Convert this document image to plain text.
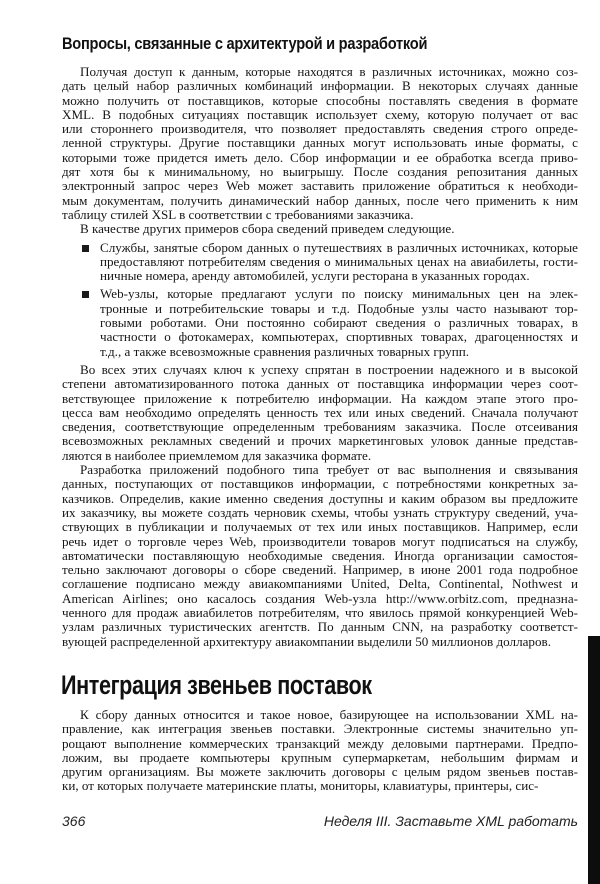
Вопросы, связанные с архитектурой и разработкой
Получая доступ к данным, которые находятся в различных источниках, можно соз-
дать целый набор различных комбинаций информации. В некоторых случаях данные
можно получить от поставщиков, которые способны поставлять сведения в формате
XML. В подобных ситуациях поставщик использует схему, которую получает от вас
или стороннего производителя, что позволяет предоставлять сведения строго опреде-
ленной структуры. Другие поставщики данных могут использовать иные форматы, с
которыми тоже придется иметь дело. Сбор информации и ее обработка всегда приво-
дят хотя бы к минимальному, но выигрышу. После создания репозитания данных
электронный запрос через Web может заставить приложение обратиться к необходи-
мым документам, получить динамический набор данных, после чего применить к ним
таблицу стилей XSL в соответствии с требованиями заказчика.
В качестве других примеров сбора сведений приведем следующие.
Службы, занятые сбором данных о путешествиях в различных источниках, которые
предоставляют потребителям сведения о минимальных ценах на авиабилеты, гости-
ничные номера, аренду автомобилей, услуги ресторана в указанных городах.
Web-узлы, которые предлагают услуги по поиску минимальных цен на элек-
тронные и потребительские товары и т.д. Подобные узлы часто называют тор-
говыми роботами. Они постоянно собирают сведения о различных товарах, в
частности о фотокамерах, компьютерах, спортивных товарах, драгоценностях и
т.д., а также всевозможные сравнения различных товарных групп.
Во всех этих случаях ключ к успеху спрятан в построении надежного и в высокой
степени автоматизированного потока данных от поставщика информации через соот-
ветствующее приложение к потребителю информации. На каждом этапе этого про-
цесса вам необходимо определять ценность тех или иных сведений. Сначала получают
сведения, соответствующие определенным требованиям заказчика. После отсеивания
всевозможных рекламных сведений и прочих маркетинговых уловок данные представ-
ляются в наиболее приемлемом для заказчика формате.
Разработка приложений подобного типа требует от вас выполнения и связывания
данных, поступающих от поставщиков информации, с потребностями конкретных за-
казчиков. Определив, какие именно сведения доступны и каким образом вы предложите
их заказчику, вы можете создать черновик схемы, чтобы узнать структуру сведений, уча-
ствующих в публикации и получаемых от тех или иных поставщиков. Например, если
речь идет о торговле через Web, производители товаров могут подписаться на службу,
автоматически поставляющую необходимые сведения. Иногда организации самостоя-
тельно заключают договоры о сборе сведений. Например, в июне 2001 года подробное
соглашение подписано между авиакомпаниями United, Delta, Continental, Nothwest и
American Airlines; оно касалось создания Web-узла http://www.orbitz.com, предназна-
ченного для продаж авиабилетов потребителям, что явилось прямой конкуренцией Web-
узлам различных туристических агентств. По данным CNN, на разработку соответст-
вующей распределенной архитектуру авиакомпании выделили 50 миллионов долларов.
Интеграция звеньев поставок
К сбору данных относится и такое новое, базирующее на использовании XML на-
правление, как интеграция звеньев поставки. Электронные системы значительно уп-
рощают выполнение коммерческих транзакций между деловыми партнерами. Предпо-
ложим, вы продаете компьютеры крупным супермаркетам, небольшим фирмам и
другим организациям. Вы можете заключить договоры с целым рядом звеньев постав-
ки, от которых получаете материнские платы, мониторы, клавиатуры, принтеры, сис-
366	Неделя III. Заставьте XML работать
